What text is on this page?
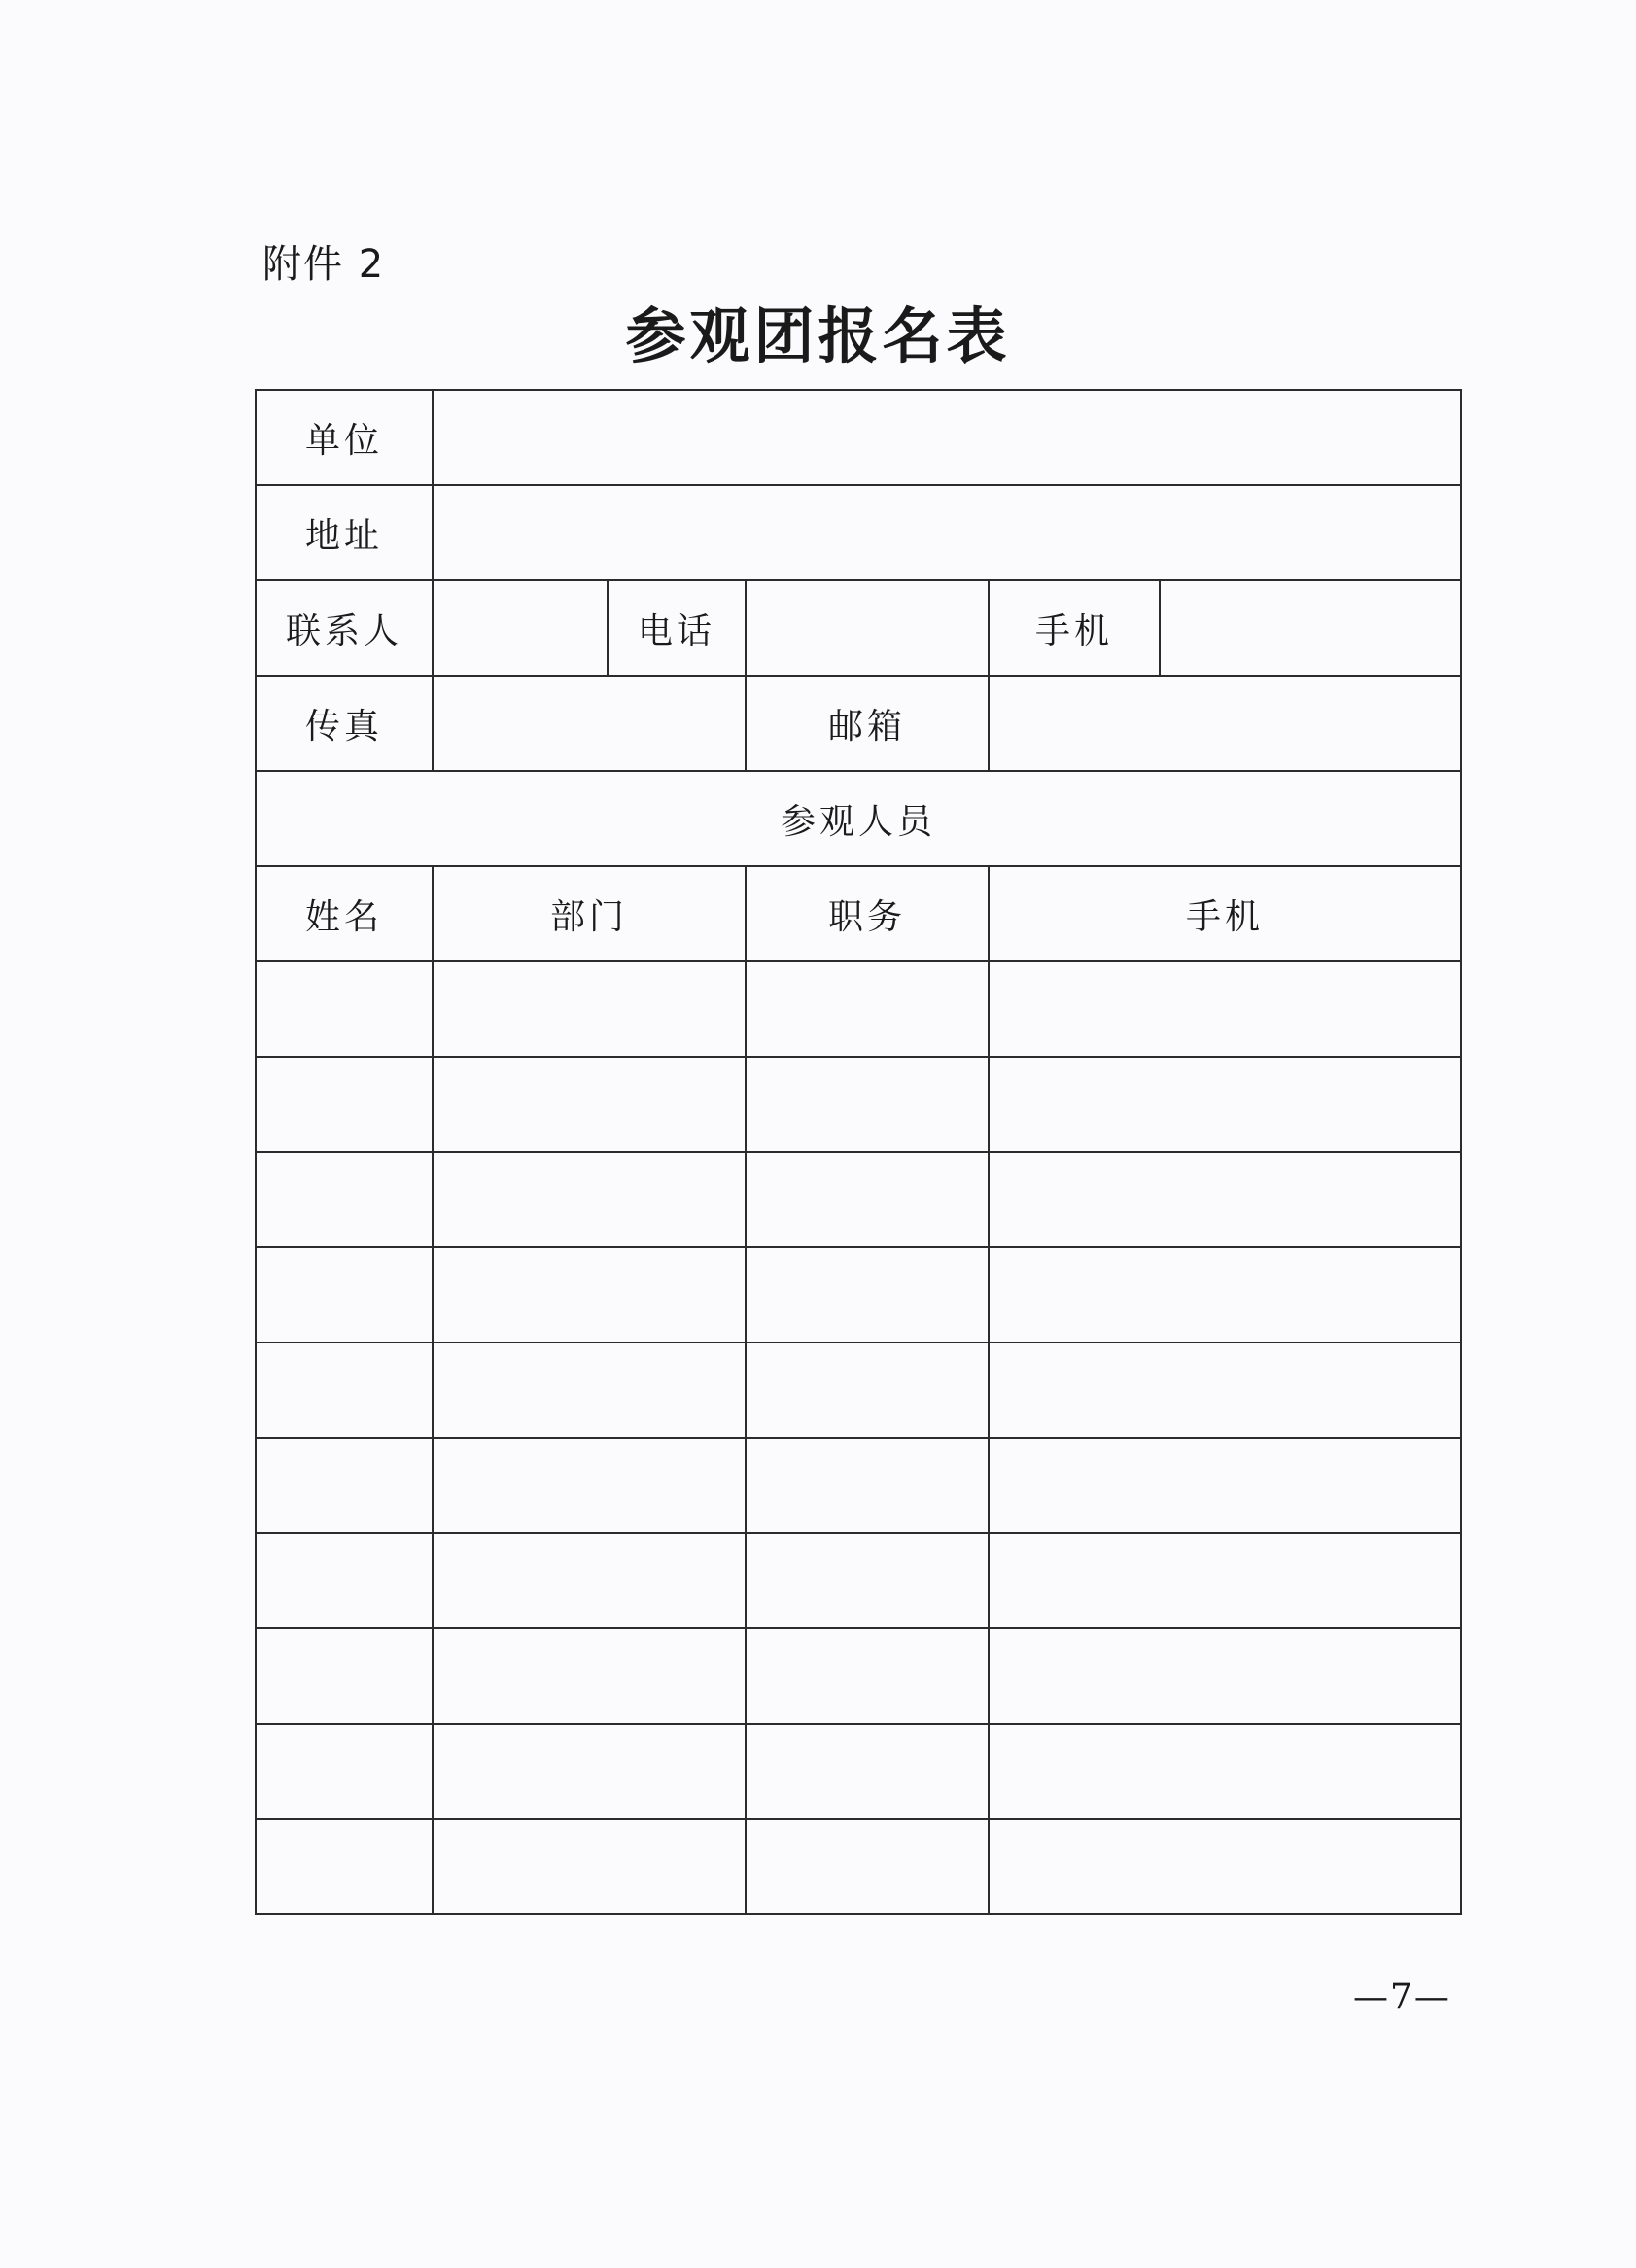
附件 2
参观团报名表
单位					
地址					
联系人		电话		手机	
传真			邮箱		
参观人员					
姓名	部门		职务	手机	

—7—
